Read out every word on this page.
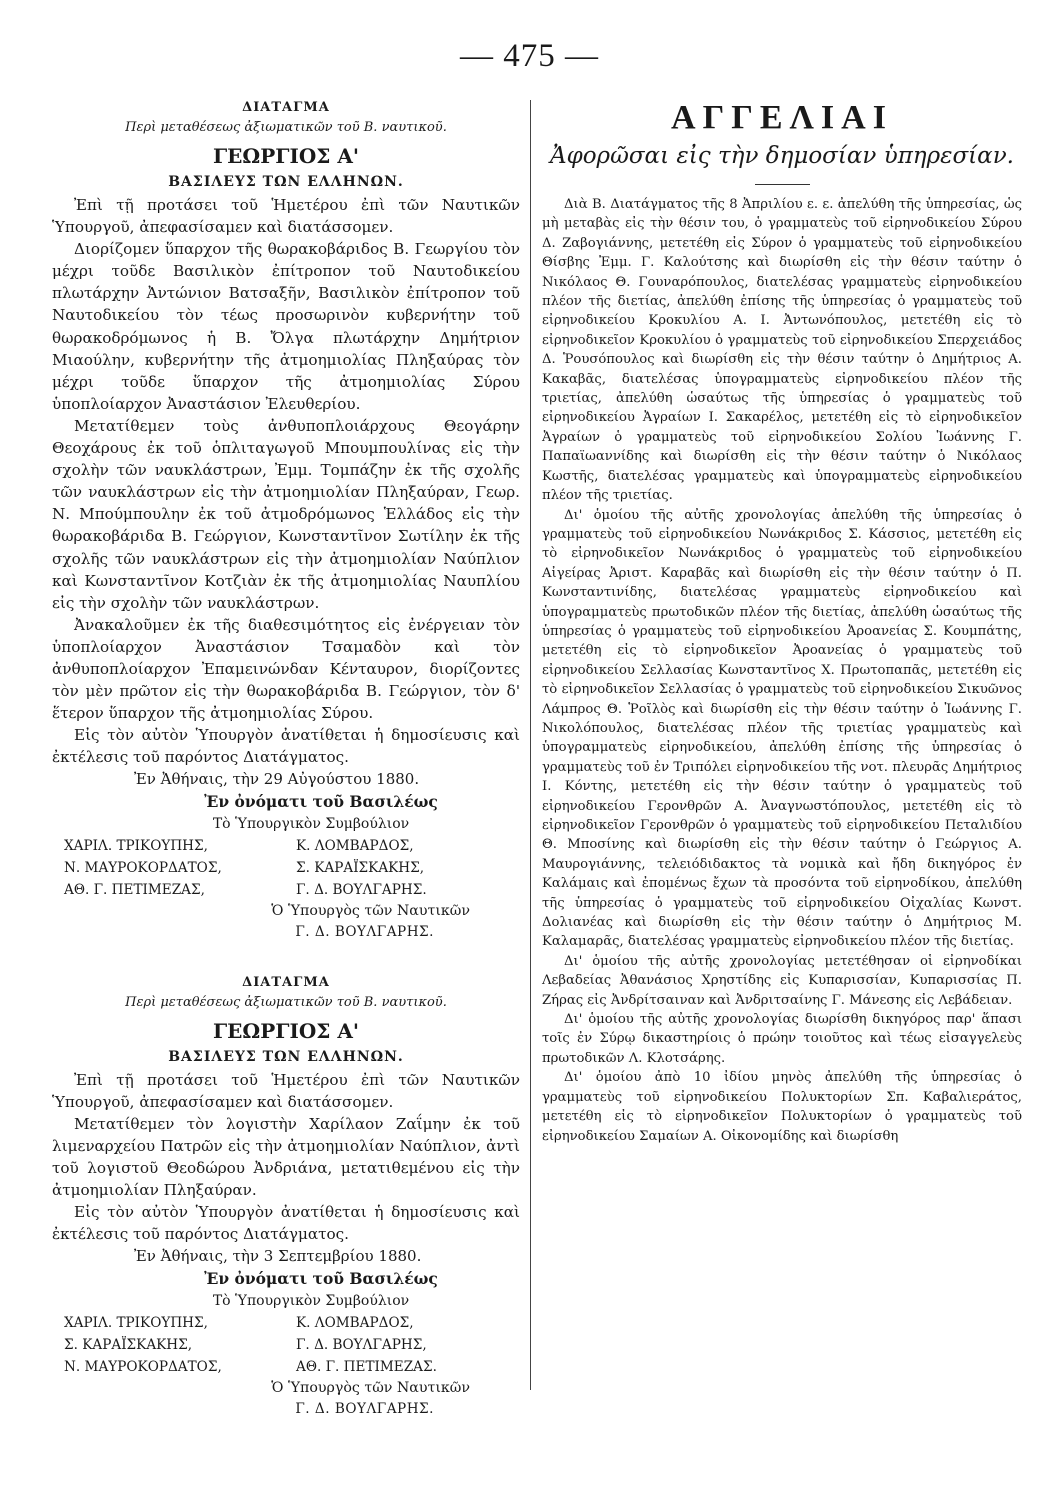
— 475 —
ΔΙΑΤΑΓΜΑ
Περὶ μεταθέσεως ἀξιωματικῶν τοῦ Β. ναυτικοῦ.
ΓΕΩΡΓΙΟΣ Α'
ΒΑΣΙΛΕΥΣ ΤΩΝ ΕΛΛΗΝΩΝ.

Ἐπὶ τῇ προτάσει τοῦ Ἡμετέρου ἐπὶ τῶν Ναυτικῶν Ὑπουργοῦ, ἀπεφασίσαμεν καὶ διατάσσομεν.

Διορίζομεν ὕπαρχον τῆς θωρακοβάριδος Β. Γεωργίου τὸν μέχρι τοῦδε Βασιλικὸν ἐπίτροπον τοῦ Ναυτοδικείου πλωτάρχην Ἀντώνιον Βατσαξῆν, Βασιλικὸν ἐπίτροπον τοῦ Ναυτοδικείου τὸν τέως προσωρινὸν κυβερνήτην τοῦ θωρακοδρόμωνος ἡ Β. Ὄλγα πλωτάρχην Δημήτριον Μιαούλην, κυβερνήτην τῆς ἀτμοημιολίας Πληξαύρας τὸν μέχρι τοῦδε ὕπαρχον τῆς ἀτμοημιολίας Σύρου ὑποπλοίαρχον Ἀναστάσιον Ἐλευθερίου.

Μετατίθεμεν τοὺς ἀνθυποπλοιάρχους Θεογάρην Θεοχάρους ἐκ τοῦ ὁπλιταγωγοῦ Μπουμπουλίνας εἰς τὴν σχολὴν τῶν ναυκλάστρων, Ἐμμ. Τομπάζην ἐκ τῆς σχολῆς τῶν ναυκλάστρων εἰς τὴν ἀτμοημιολίαν Πληξαύραν, Γεωρ. Ν. Μπούμπουλην ἐκ τοῦ ἀτμοδρόμωνος Ἑλλάδος εἰς τὴν θωρακοβάριδα Β. Γεώργιον, Κωνσταντῖνον Σωτίλην ἐκ τῆς σχολῆς τῶν ναυκλάστρων εἰς τὴν ἀτμοημιολίαν Ναύπλιον καὶ Κωνσταντῖνον Κοτζιὰν ἐκ τῆς ἀτμοημιολίας Ναυπλίου εἰς τὴν σχολὴν τῶν ναυκλάστρων.

Ἀνακαλοῦμεν ἐκ τῆς διαθεσιμότητος εἰς ἐνέργειαν τὸν ὑποπλοίαρχον Ἀναστάσιον Τσαμαδὸν καὶ τὸν ἀνθυποπλοίαρχον Ἐπαμεινώνδαν Κένταυρον, διορίζοντες τὸν μὲν πρῶτον εἰς τὴν θωρακοβάριδα Β. Γεώργιον, τὸν δ' ἕτερον ὕπαρχον τῆς ἀτμοημιολίας Σύρου.

Εἰς τὸν αὐτὸν Ὑπουργὸν ἀνατίθεται ἡ δημοσίευσις καὶ ἐκτέλεσις τοῦ παρόντος Διατάγματος.

Ἐν Ἀθήναις, τὴν 29 Αὐγούστου 1880.

Ἐν ὀνόματι τοῦ Βασιλέως
Τὸ Ὑπουργικὸν Συμβούλιον
ΧΑΡΙΛ. ΤΡΙΚΟΥΠΗΣ,	Κ. ΛΟΜΒΑΡΔΟΣ,
Ν. ΜΑΥΡΟΚΟΡΔΑΤΟΣ,	Σ. ΚΑΡΑΪΣΚΑΚΗΣ,
ΑΘ. Γ. ΠΕΤΙΜΕΖΑΣ,	Γ. Δ. ΒΟΥΛΓΑΡΗΣ.
Ὁ Ὑπουργὸς τῶν Ναυτικῶν
Γ. Δ. ΒΟΥΛΓΑΡΗΣ.
ΔΙΑΤΑΓΜΑ
Περὶ μεταθέσεως ἀξιωματικῶν τοῦ Β. ναυτικοῦ.
ΓΕΩΡΓΙΟΣ Α'
ΒΑΣΙΛΕΥΣ ΤΩΝ ΕΛΛΗΝΩΝ.

Ἐπὶ τῇ προτάσει τοῦ Ἡμετέρου ἐπὶ τῶν Ναυτικῶν Ὑπουργοῦ, ἀπεφασίσαμεν καὶ διατάσσομεν.

Μετατίθεμεν τὸν λογιστὴν Χαρίλαον Ζαΐμην ἐκ τοῦ λιμεναρχείου Πατρῶν εἰς τὴν ἀτμοημιολίαν Ναύπλιον, ἀντὶ τοῦ λογιστοῦ Θεοδώρου Ἀνδριάνα, μετατιθεμένου εἰς τὴν ἀτμοημιολίαν Πληξαύραν.

Εἰς τὸν αὐτὸν Ὑπουργὸν ἀνατίθεται ἡ δημοσίευσις καὶ ἐκτέλεσις τοῦ παρόντος Διατάγματος.

Ἐν Ἀθήναις, τὴν 3 Σεπτεμβρίου 1880.

Ἐν ὀνόματι τοῦ Βασιλέως
Τὸ Ὑπουργικὸν Συμβούλιον
ΧΑΡΙΛ. ΤΡΙΚΟΥΠΗΣ,	Κ. ΛΟΜΒΑΡΔΟΣ,
Σ. ΚΑΡΑΪΣΚΑΚΗΣ,	Γ. Δ. ΒΟΥΛΓΑΡΗΣ,
Ν. ΜΑΥΡΟΚΟΡΔΑΤΟΣ,	ΑΘ. Γ. ΠΕΤΙΜΕΖΑΣ.
Ὁ Ὑπουργὸς τῶν Ναυτικῶν
Γ. Δ. ΒΟΥΛΓΑΡΗΣ.
ΑΓΓΕΛΙΑΙ
Ἀφορῶσαι εἰς τὴν δημοσίαν ὑπηρεσίαν.

Διὰ Β. Διατάγματος τῆς 8 Ἀπριλίου ε. ε. ἀπελύθη τῆς ὑπηρεσίας, ὡς μὴ μεταβὰς εἰς τὴν θέσιν του, ὁ γραμματεὺς τοῦ εἰρηνοδικείου Σύρου Δ. Ζαβογιάννης, μετετέθη εἰς Σύρον ὁ γραμματεὺς τοῦ εἰρηνοδικείου Θίσβης Ἐμμ. Γ. Καλούτσης καὶ διωρίσθη εἰς τὴν θέσιν ταύτην ὁ Νικόλαος Θ. Γουναρόπουλος, διατελέσας γραμματεὺς εἰρηνοδικείου πλέον τῆς διετίας, ἀπελύθη ἐπίσης τῆς ὑπηρεσίας ὁ γραμματεὺς τοῦ εἰρηνοδικείου Κροκυλίου Α. Ι. Ἀντωνόπουλος, μετετέθη εἰς τὸ εἰρηνοδικεῖον Κροκυλίου ὁ γραμματεὺς τοῦ εἰρηνοδικείου Σπερχειάδος Δ. Ῥουσόπουλος καὶ διωρίσθη εἰς τὴν θέσιν ταύτην ὁ Δημήτριος Α. Κακαβᾶς, διατελέσας ὑπογραμματεὺς εἰρηνοδικείου πλέον τῆς τριετίας, ἀπελύθη ὡσαύτως τῆς ὑπηρεσίας ὁ γραμματεὺς τοῦ εἰρηνοδικείου Ἀγραίων Ι. Σακαρέλος, μετετέθη εἰς τὸ εἰρηνοδικεῖον Ἀγραίων ὁ γραμματεὺς τοῦ εἰρηνοδικείου Σολίου Ἰωάννης Γ. Παπαϊωαννίδης καὶ διωρίσθη εἰς τὴν θέσιν ταύτην ὁ Νικόλαος Κωστῆς, διατελέσας γραμματεὺς καὶ ὑπογραμματεὺς εἰρηνοδικείου πλέον τῆς τριετίας.

Δι' ὁμοίου τῆς αὐτῆς χρονολογίας ἀπελύθη τῆς ὑπηρεσίας ὁ γραμματεὺς τοῦ εἰρηνοδικείου Νωνάκριδος Σ. Κάσσιος, μετετέθη εἰς τὸ εἰρηνοδικεῖον Νωνάκριδος ὁ γραμματεὺς τοῦ εἰρηνοδικείου Αἰγείρας Ἀριστ. Καραβᾶς καὶ διωρίσθη εἰς τὴν θέσιν ταύτην ὁ Π. Κωνσταντινίδης, διατελέσας γραμματεὺς εἰρηνοδικείου καὶ ὑπογραμματεὺς πρωτοδικῶν πλέον τῆς διετίας, ἀπελύθη ὡσαύτως τῆς ὑπηρεσίας ὁ γραμματεὺς τοῦ εἰρηνοδικείου Ἀροανείας Σ. Κουμπάτης, μετετέθη εἰς τὸ εἰρηνοδικεῖον Ἀροανείας ὁ γραμματεὺς τοῦ εἰρηνοδικείου Σελλασίας Κωνσταντῖνος Χ. Πρωτοπαπᾶς, μετετέθη εἰς τὸ εἰρηνοδικεῖον Σελλασίας ὁ γραμματεὺς τοῦ εἰρηνοδικείου Σικυῶνος Λάμπρος Θ. Ῥοῖλὸς καὶ διωρίσθη εἰς τὴν θέσιν ταύτην ὁ Ἰωάννης Γ. Νικολόπουλος, διατελέσας πλέον τῆς τριετίας γραμματεὺς καὶ ὑπογραμματεὺς εἰρηνοδικείου, ἀπελύθη ἐπίσης τῆς ὑπηρεσίας ὁ γραμματεὺς τοῦ ἐν Τριπόλει εἰρηνοδικείου τῆς νοτ. πλευρᾶς Δημήτριος Ι. Κόντης, μετετέθη εἰς τὴν θέσιν ταύτην ὁ γραμματεὺς τοῦ εἰρηνοδικείου Γερονθρῶν Α. Ἀναγνωστόπουλος, μετετέθη εἰς τὸ εἰρηνοδικεῖον Γερονθρῶν ὁ γραμματεὺς τοῦ εἰρηνοδικείου Πεταλιδίου Θ. Μποσίνης καὶ διωρίσθη εἰς τὴν θέσιν ταύτην ὁ Γεώργιος Α. Μαυρογιάννης, τελειόδιδακτος τὰ νομικὰ καὶ ἤδη δικηγόρος ἐν Καλάμαις καὶ ἐπομένως ἔχων τὰ προσόντα τοῦ εἰρηνοδίκου, ἀπελύθη τῆς ὑπηρεσίας ὁ γραμματεὺς τοῦ εἰρηνοδικείου Οἰχαλίας Κωνστ. Δολιανέας καὶ διωρίσθη εἰς τὴν θέσιν ταύτην ὁ Δημήτριος Μ. Καλαμαρᾶς, διατελέσας γραμματεὺς εἰρηνοδικείου πλέον τῆς διετίας.

Δι' ὁμοίου τῆς αὐτῆς χρονολογίας μετετέθησαν οἱ εἰρηνοδίκαι Λεβαδείας Ἀθανάσιος Χρηστίδης εἰς Κυπαρισσίαν, Κυπαρισσίας Π. Ζήρας εἰς Ἀνδρίτσαιναν καὶ Ἀνδριτσαίνης Γ. Μάνεσης εἰς Λεβάδειαν.

Δι' ὁμοίου τῆς αὐτῆς χρονολογίας διωρίσθη δικηγόρος παρ' ἅπασι τοῖς ἐν Σύρῳ δικαστηρίοις ὁ πρώην τοιοῦτος καὶ τέως εἰσαγγελεὺς πρωτοδικῶν Λ. Κλοτσάρης.

Δι' ὁμοίου ἀπὸ 10 ἰδίου μηνὸς ἀπελύθη τῆς ὑπηρεσίας ὁ γραμματεὺς τοῦ εἰρηνοδικείου Πολυκτορίων Σπ. Καβαλιεράτος, μετετέθη εἰς τὸ εἰρηνοδικεῖον Πολυκτορίων ὁ γραμματεὺς τοῦ εἰρηνοδικείου Σαμαίων Α. Οἰκονομίδης καὶ διωρίσθη
